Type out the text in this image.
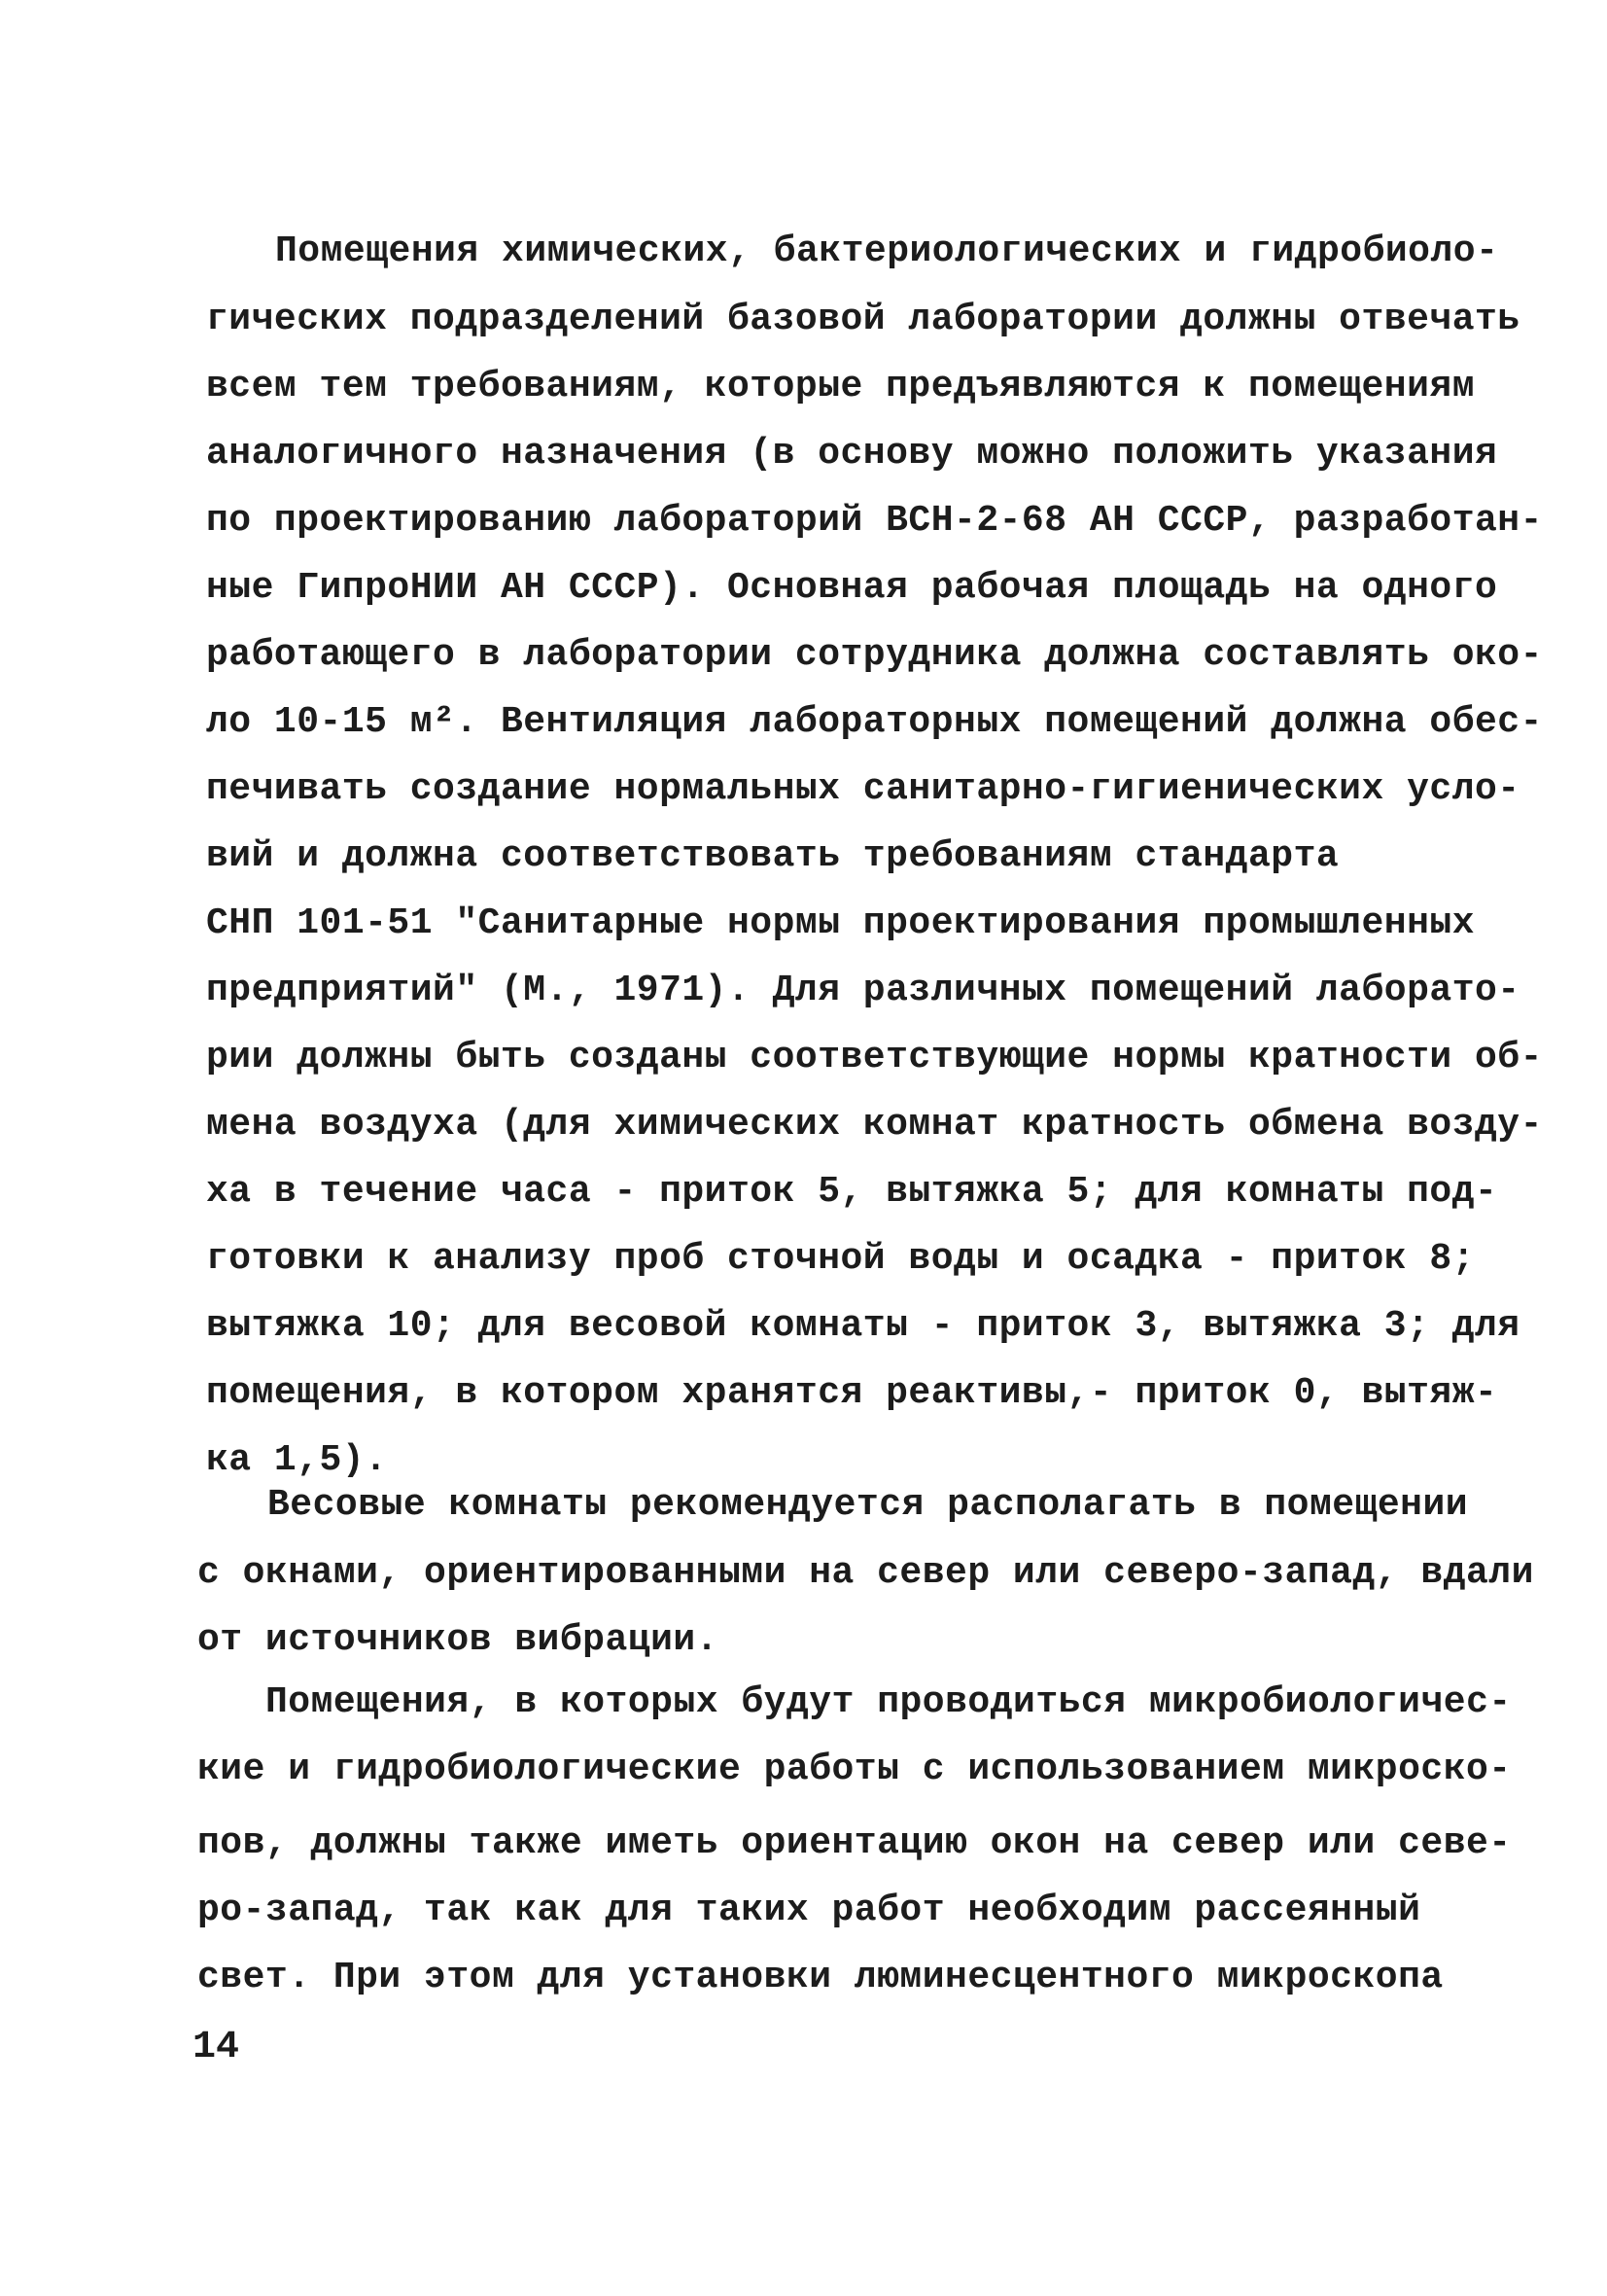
Помещения химических, бактериологических и гидробиоло-
гических подразделений базовой лаборатории должны отвечать
всем тем требованиям, которые предъявляются к помещениям
аналогичного назначения (в основу можно положить указания
по проектированию лабораторий ВСН-2-68 АН СССР, разработан-
ные ГипроНИИ АН СССР). Основная рабочая площадь на одного
работающего в лаборатории сотрудника должна составлять око-
ло 10-15 м². Вентиляция лабораторных помещений должна обес-
печивать создание нормальных санитарно-гигиенических усло-
вий и должна соответствовать требованиям стандарта
СНП 101-51 "Санитарные нормы проектирования промышленных
предприятий" (М., 1971). Для различных помещений лаборато-
рии должны быть созданы соответствующие нормы кратности об-
мена воздуха (для химических комнат кратность обмена возду-
ха в течение часа - приток 5, вытяжка 5; для комнаты под-
готовки к анализу проб сточной воды и осадка - приток 8;
вытяжка 10; для весовой комнаты - приток 3, вытяжка 3; для
помещения, в котором хранятся реактивы,- приток 0, вытяж-
ка 1,5).
Весовые комнаты рекомендуется располагать в помещении
с окнами, ориентированными на север или северо-запад, вдали
от источников вибрации.
Помещения, в которых будут проводиться микробиологичес-
кие и гидробиологические работы с использованием микроско-
пов, должны также иметь ориентацию окон на север или севе-
ро-запад, так как для таких работ необходим рассеянный
свет. При этом для установки люминесцентного микроскопа
14
